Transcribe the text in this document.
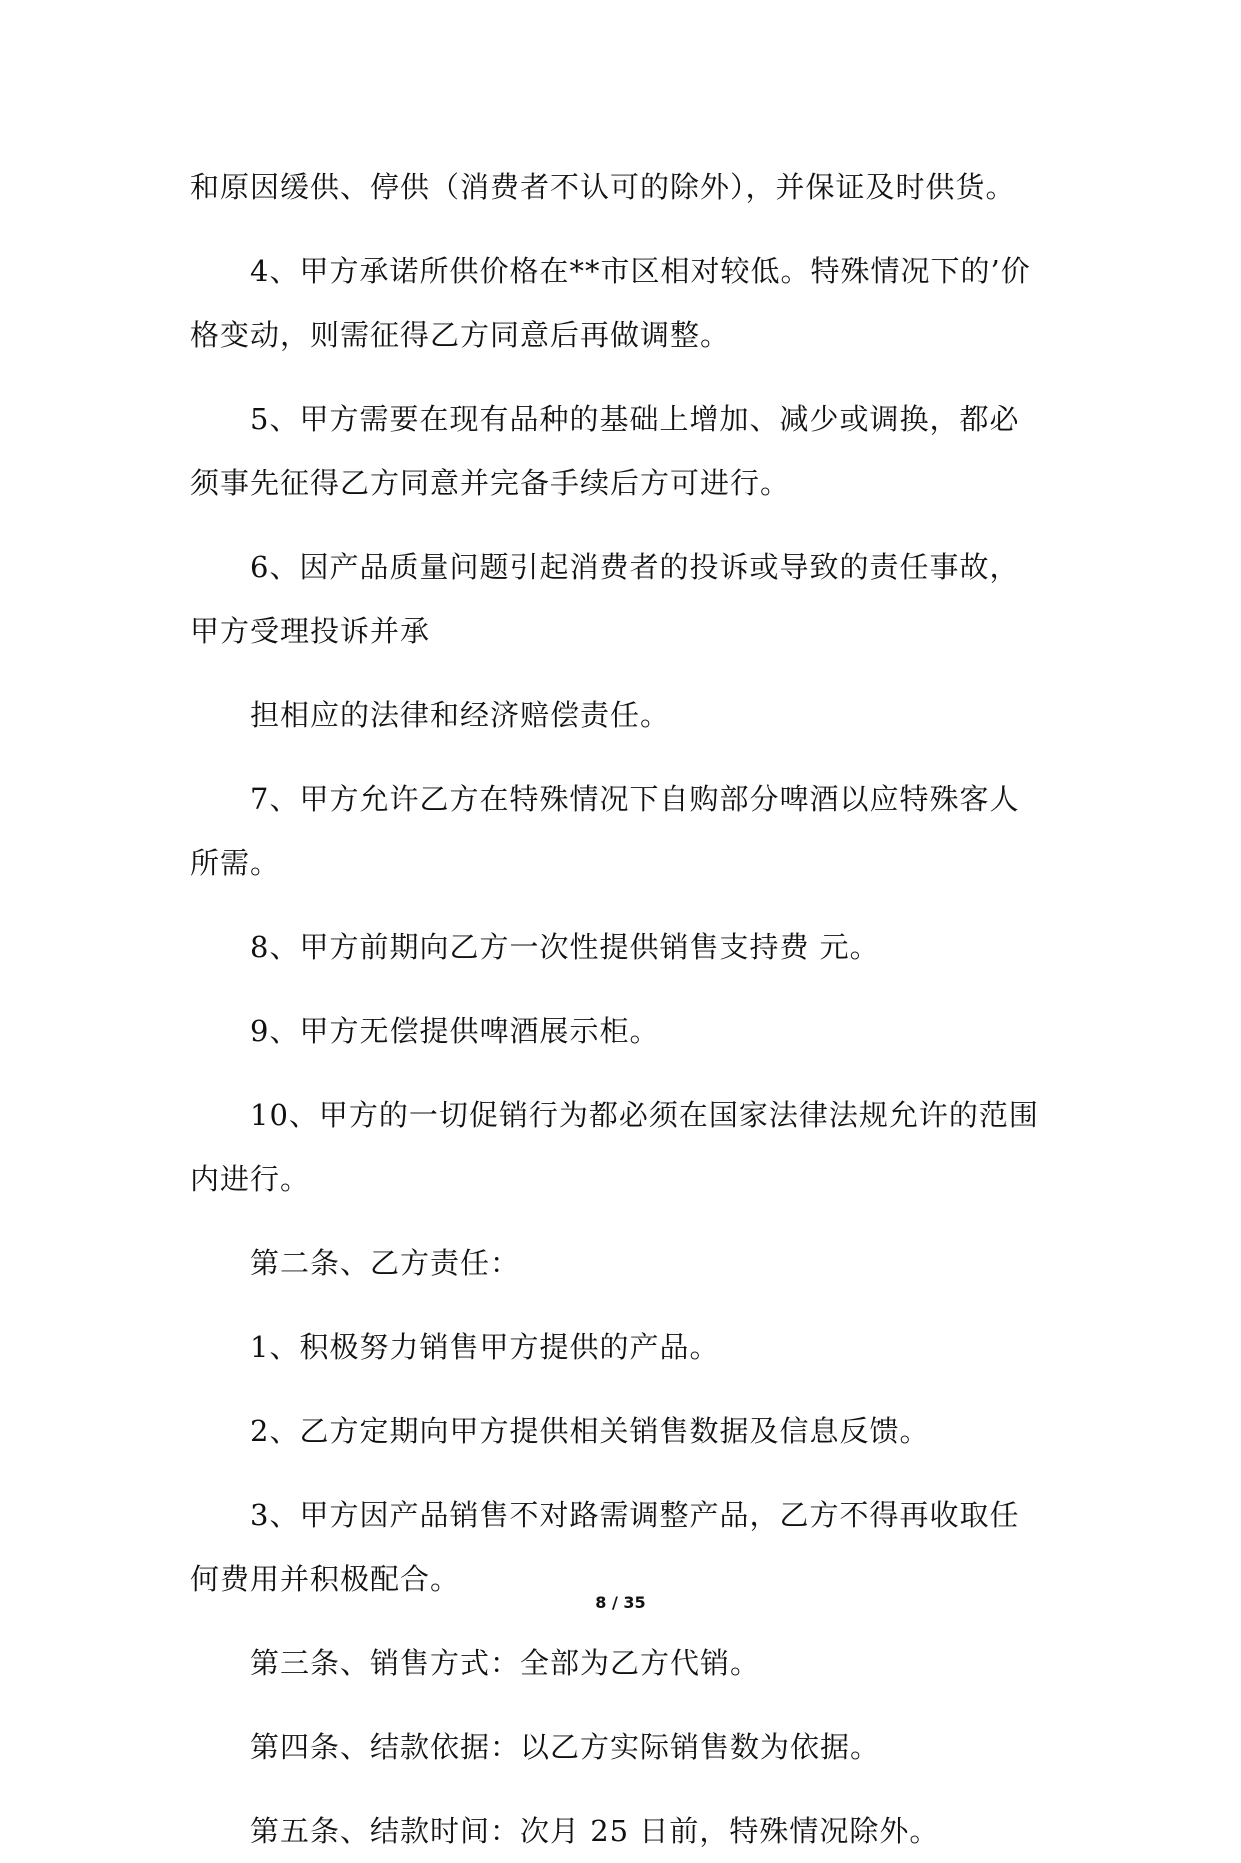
和原因缓供、停供（消费者不认可的除外），并保证及时供货。
4、甲方承诺所供价格在**市区相对较低。特殊情况下的’价
格变动，则需征得乙方同意后再做调整。
5、甲方需要在现有品种的基础上增加、减少或调换，都必
须事先征得乙方同意并完备手续后方可进行。
6、因产品质量问题引起消费者的投诉或导致的责任事故，
甲方受理投诉并承
担相应的法律和经济赔偿责任。
7、甲方允许乙方在特殊情况下自购部分啤酒以应特殊客人
所需。
8、甲方前期向乙方一次性提供销售支持费 元。
9、甲方无偿提供啤酒展示柜。
10、甲方的一切促销行为都必须在国家法律法规允许的范围
内进行。
第二条、乙方责任：
1、积极努力销售甲方提供的产品。
2、乙方定期向甲方提供相关销售数据及信息反馈。
3、甲方因产品销售不对路需调整产品，乙方不得再收取任
何费用并积极配合。
第三条、销售方式：全部为乙方代销。
第四条、结款依据：以乙方实际销售数为依据。
第五条、结款时间：次月 25 日前，特殊情况除外。
8 / 35
